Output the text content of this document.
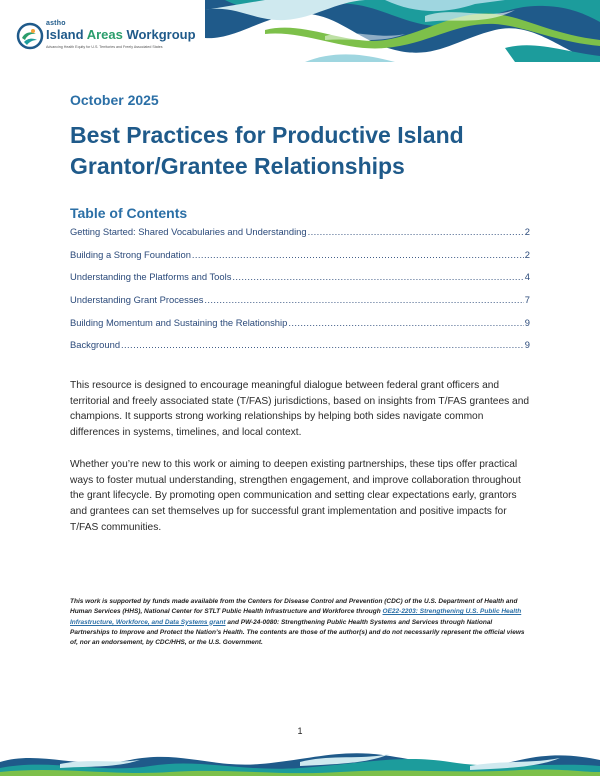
astho
Island Areas Workgroup
Advancing Health Equity for U.S. Territories and Freely Associated States
October 2025
Best Practices for Productive Island Grantor/Grantee Relationships
Table of Contents
Getting Started: Shared Vocabularies and Understanding .....	2
Building a Strong Foundation .....	2
Understanding the Platforms and Tools .....	4
Understanding Grant Processes .....	7
Building Momentum and Sustaining the Relationship .....	9
Background .....	9

This resource is designed to encourage meaningful dialogue between federal grant officers and territorial and freely associated state (T/FAS) jurisdictions, based on insights from T/FAS grantees and champions. It supports strong working relationships by helping both sides navigate common differences in systems, timelines, and local context.

Whether you’re new to this work or aiming to deepen existing partnerships, these tips offer practical ways to foster mutual understanding, strengthen engagement, and improve collaboration throughout the grant lifecycle. By promoting open communication and setting clear expectations early, grantors and grantees can set themselves up for successful grant implementation and positive impacts for T/FAS communities.

This work is supported by funds made available from the Centers for Disease Control and Prevention (CDC) of the U.S. Department of Health and Human Services (HHS), National Center for STLT Public Health Infrastructure and Workforce through OE22-2203: Strengthening U.S. Public Health Infrastructure, Workforce, and Data Systems grant and PW-24-0080: Strengthening Public Health Systems and Services through National Partnerships to Improve and Protect the Nation’s Health. The contents are those of the author(s) and do not necessarily represent the official views of, nor an endorsement, by CDC/HHS, or the U.S. Government.

1
